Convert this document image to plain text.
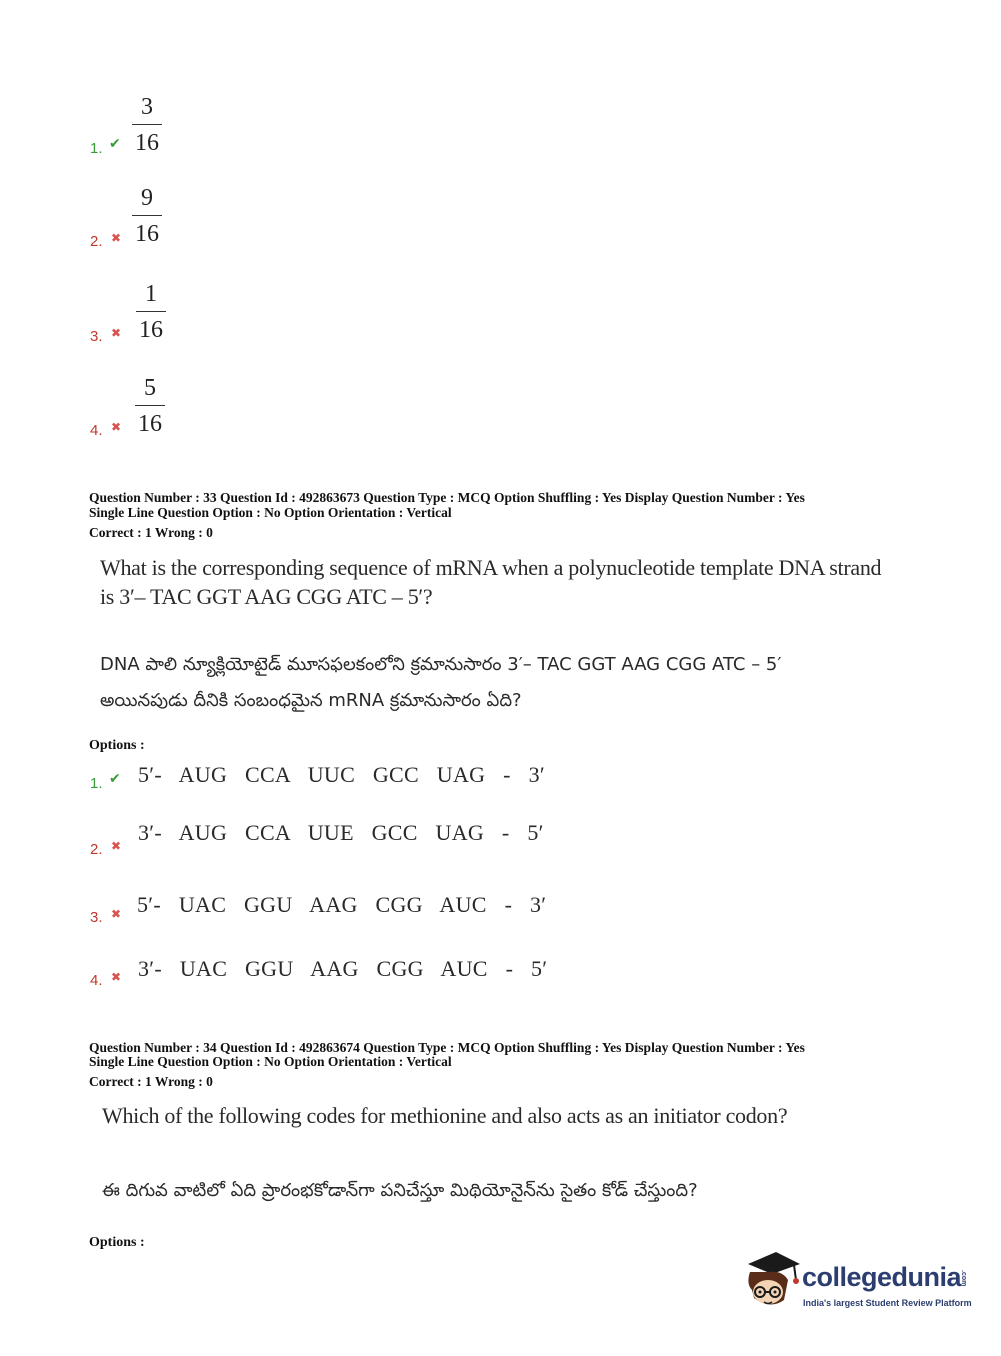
1. ✔
3
16
2. ✖
9
16
3. ✖
1
16
4. ✖
5
16
Question Number : 33 Question Id : 492863673 Question Type : MCQ Option Shuffling : Yes Display Question Number : Yes
Single Line Question Option : No Option Orientation : Vertical
Correct : 1 Wrong : 0
What is the corresponding sequence of mRNA when a polynucleotide template DNA strand
is 3′– TAC GGT AAG CGG ATC – 5′?
DNA పాలి న్యూక్లియోటైడ్ మూసఫలకంలోని క్రమానుసారం 3′– TAC GGT AAG CGG ATC – 5′
అయినపుడు దీనికి సంబంధమైన mRNA క్రమానుసారం ఏది?
Options :
1. ✔ 5′- AUG CCA UUC GCC UAG - 3′
2. ✖
3′- AUG CCA UUE GCC UAG - 5′
3. ✖ 5′- UAC GGU AAG CGG AUC - 3′
4. ✖ 3′- UAC GGU AAG CGG AUC - 5′
Question Number : 34 Question Id : 492863674 Question Type : MCQ Option Shuffling : Yes Display Question Number : Yes
Single Line Question Option : No Option Orientation : Vertical
Correct : 1 Wrong : 0
Which of the following codes for methionine and also acts as an initiator codon?
ఈ దిగువ వాటిలో ఏది ప్రారంభకోడాన్‌గా పనిచేస్తూ మిథియోనైన్‌ను సైతం కోడ్ చేస్తుంది?
Options :
collegedunia
.com
India's largest Student Review Platform
